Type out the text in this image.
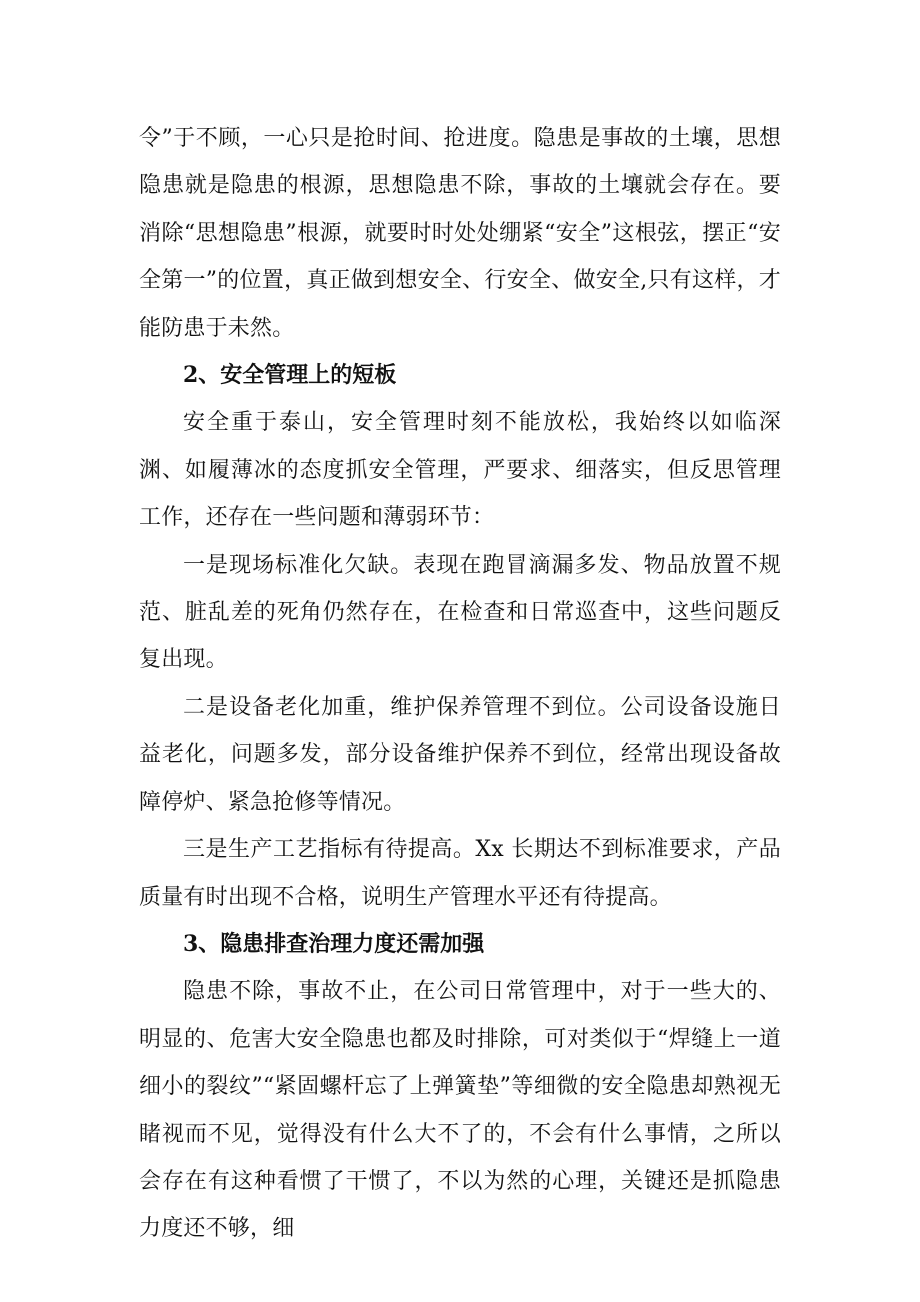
令”于不顾，一心只是抢时间、抢进度。隐患是事故的土壤，思想隐患就是隐患的根源，思想隐患不除，事故的土壤就会存在。要消除“思想隐患”根源，就要时时处处绷紧“安全”这根弦，摆正“安全第一”的位置，真正做到想安全、行安全、做安全,只有这样，才能防患于未然。

2、安全管理上的短板

安全重于泰山，安全管理时刻不能放松，我始终以如临深渊、如履薄冰的态度抓安全管理，严要求、细落实，但反思管理工作，还存在一些问题和薄弱环节：

一是现场标准化欠缺。表现在跑冒滴漏多发、物品放置不规范、脏乱差的死角仍然存在，在检查和日常巡查中，这些问题反复出现。

二是设备老化加重，维护保养管理不到位。公司设备设施日益老化，问题多发，部分设备维护保养不到位，经常出现设备故障停炉、紧急抢修等情况。

三是生产工艺指标有待提高。Xx 长期达不到标准要求，产品质量有时出现不合格，说明生产管理水平还有待提高。

3、隐患排查治理力度还需加强

隐患不除，事故不止，在公司日常管理中，对于一些大的、明显的、危害大安全隐患也都及时排除，可对类似于“焊缝上一道细小的裂纹”“紧固螺杆忘了上弹簧垫”等细微的安全隐患却熟视无睹视而不见，觉得没有什么大不了的，不会有什么事情，之所以会存在有这种看惯了干惯了，不以为然的心理，关键还是抓隐患力度还不够，细
